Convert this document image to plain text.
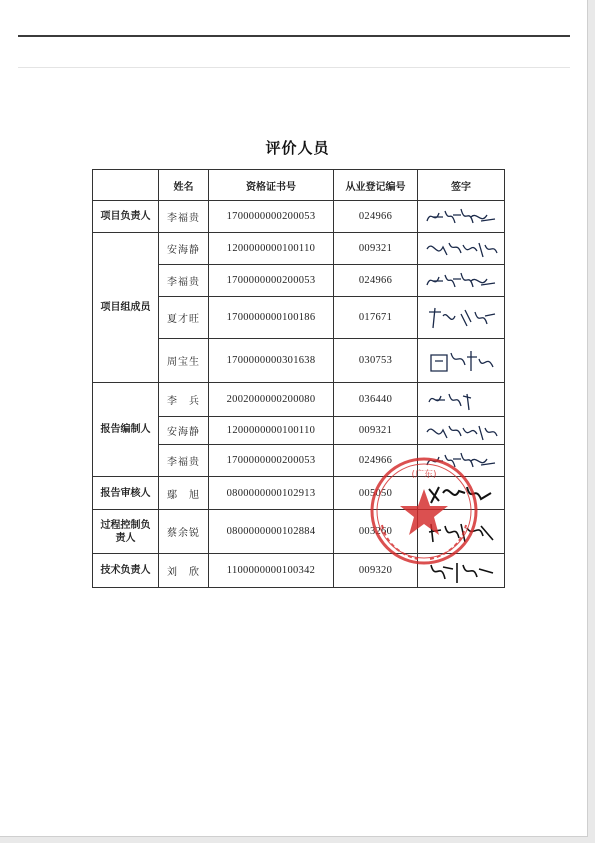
评价人员
	姓名	资格证书号	从业登记编号	签字
项目负责人	李福贵	1700000000200053	024966	

项目组成员	安海静	1200000000100110	009321	

	李福贵	1700000000200053	024966	

	夏才旺	1700000000100186	017671	

	周宝生	1700000000301638	030753	

报告编制人	李　兵	2002000000200080	036440	

	安海静	1200000000100110	009321	

	李福贵	1700000000200053	024966	

报告审核人	鄢　旭	0800000000102913	005050	

过程控制负责人	蔡余锐	0800000000102884	003260	

技术负责人	刘　欣	1100000000100342	009320	
(广东)
